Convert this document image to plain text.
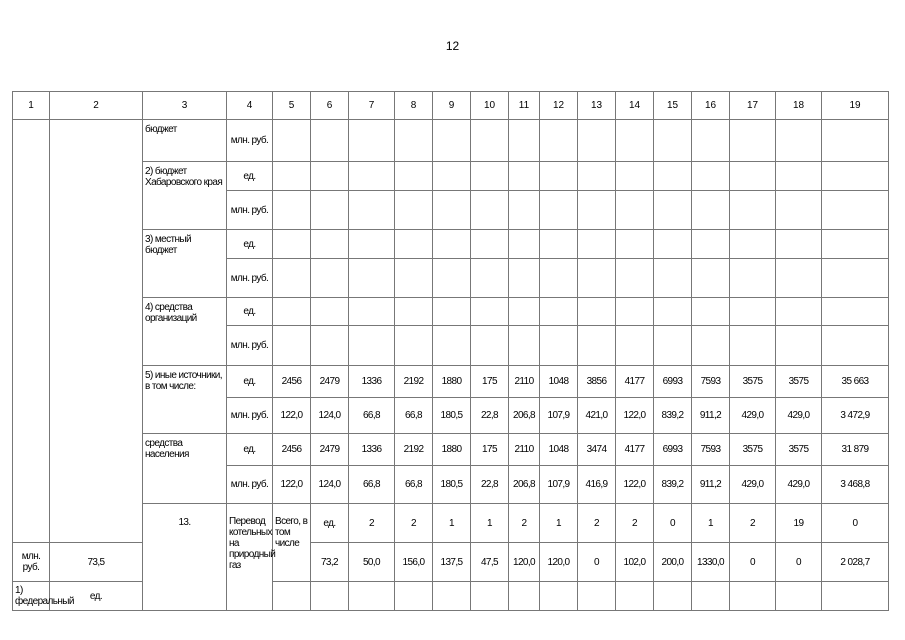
12
1	2	3	4	5	6	7	8	9	10	11	12	13	14	15	16	17	18	19	
		бюджет	млн. руб.																
		2) бюджет Хабаровского края	ед.																
			млн. руб.																
		3) местный бюджет	ед.																
			млн. руб.																
		4) средства организаций	ед.																
			млн. руб.																
		5) иные источники, в том числе:	ед.	2456	2479	1336	2192	1880	175	2110	1048	3856	4177	6993	7593	3575	3575	35 663	
			млн. руб.	122,0	124,0	66,8	66,8	180,5	22,8	206,8	107,9	421,0	122,0	839,2	911,2	429,0	429,0	3 472,9	
		средства населения	ед.	2456	2479	1336	2192	1880	175	2110	1048	3474	4177	6993	7593	3575	3575	31 879	
			млн. руб.	122,0	124,0	66,8	66,8	180,5	22,8	206,8	107,9	416,9	122,0	839,2	911,2	429,0	429,0	3 468,8	
		13.	Перевод котельных на природный газ	Всего, в том числе	ед.	2	2	1	1	2	1	2	2	0	1	2	19	0		
млн. руб.	73,5				73,2	50,0	156,0	137,5	47,5	120,0	120,0	0	102,0	200,0	1330,0	0	0	2 028,7	
1) федеральный	ед.																		
